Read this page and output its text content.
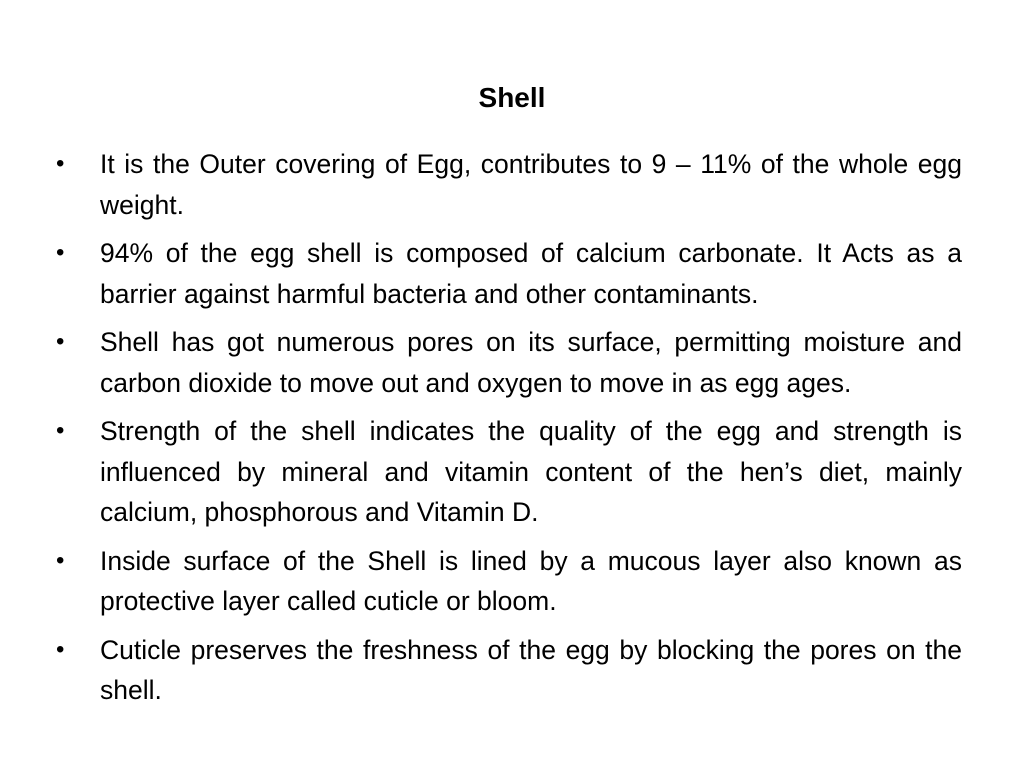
Shell
•	It is the Outer covering of Egg, contributes to 9 – 11% of the whole egg weight.
•	94% of the egg shell is composed of calcium carbonate. It Acts as a barrier against harmful bacteria and other contaminants.
•	Shell has got numerous pores on its surface, permitting moisture and carbon dioxide to move out and oxygen to move in as egg ages.
•	Strength of the shell indicates the quality of the egg and strength is influenced by mineral and vitamin content of the hen’s diet, mainly calcium, phosphorous and Vitamin D.
•	Inside surface of the Shell is lined by a mucous layer also known as protective layer called cuticle or bloom.
•	Cuticle preserves the freshness of the egg by blocking the pores on the shell.
